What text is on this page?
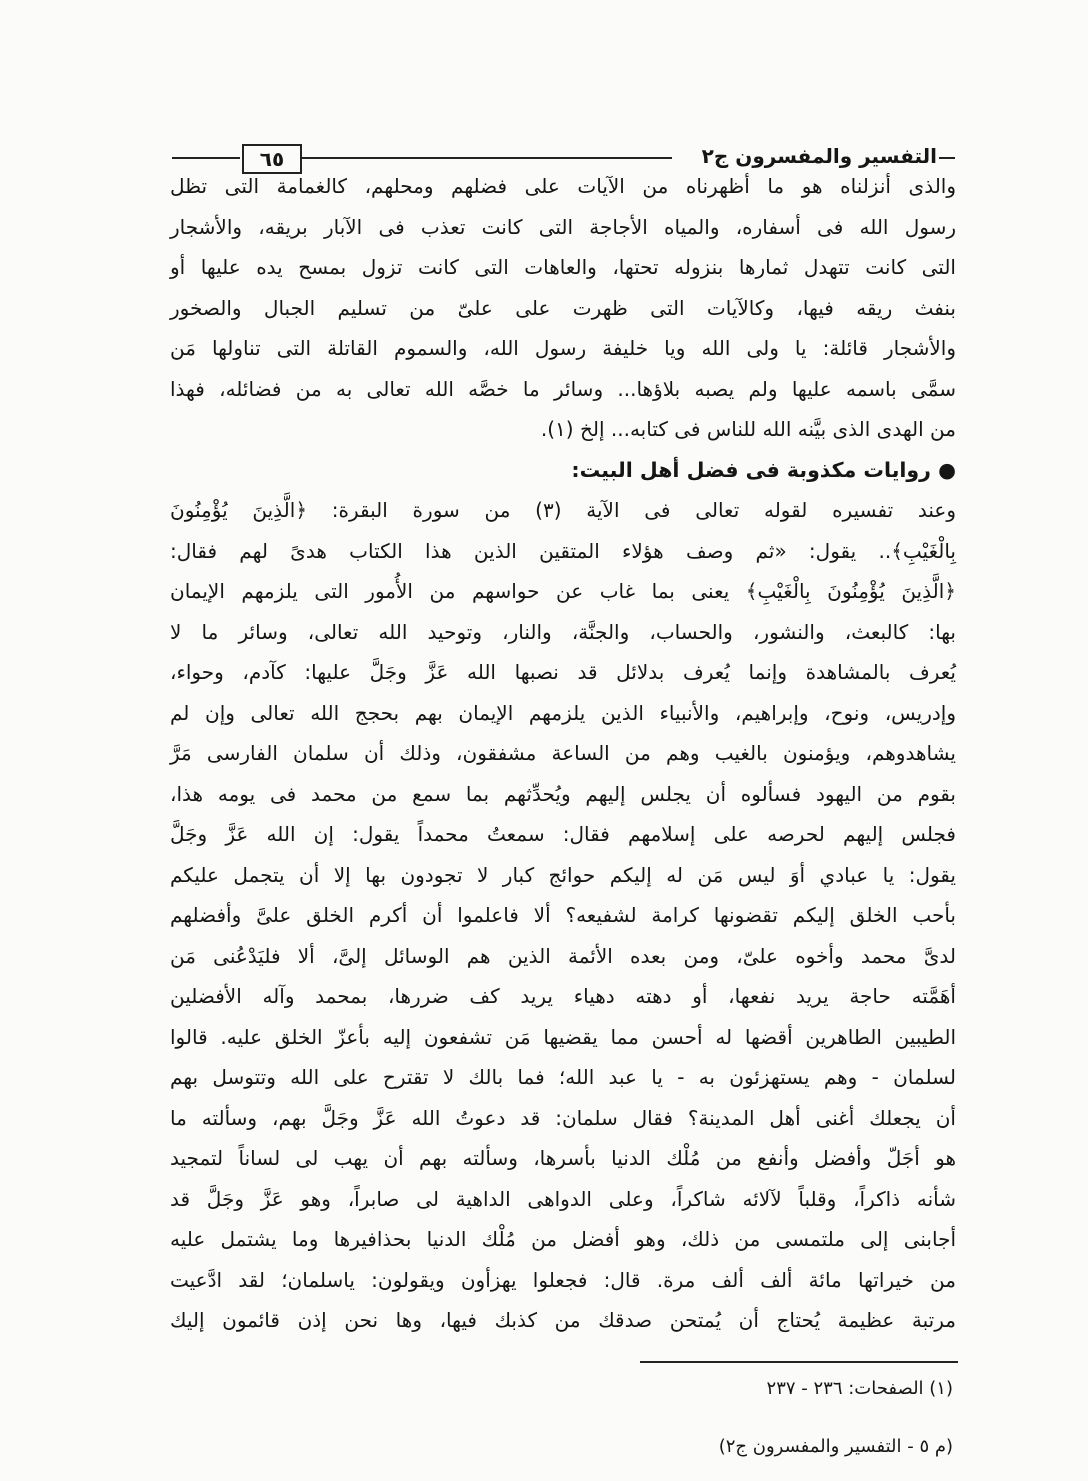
٦٥	التفسير والمفسرون ج٢
والذى أنزلناه هو ما أظهرناه من الآيات على فضلهم ومحلهم، كالغمامة التى تظل
رسول الله فى أسفاره، والمياه الأجاجة التى كانت تعذب فى الآبار بريقه، والأشجار
التى كانت تتهدل ثمارها بنزوله تحتها، والعاهات التى كانت تزول بمسح يده عليها أو
بنفث ريقه فيها، وكالآيات التى ظهرت على علىّ من تسليم الجبال والصخور
والأشجار قائلة: يا ولى الله ويا خليفة رسول الله، والسموم القاتلة التى تناولها مَن
سمَّى باسمه عليها ولم يصبه بلاؤها... وسائر ما خصَّه الله تعالى به من فضائله، فهذا
من الهدى الذى بيَّنه الله للناس فى كتابه... إلخ (١).
● روايات مكذوبة فى فضل أهل البيت:
وعند تفسيره لقوله تعالى فى الآية (٣) من سورة البقرة: ﴿الَّذِينَ يُؤْمِنُونَ
بِالْغَيْبِ﴾.. يقول: «ثم وصف هؤلاء المتقين الذين هذا الكتاب هدىً لهم فقال:
﴿الَّذِينَ يُؤْمِنُونَ بِالْغَيْبِ﴾ يعنى بما غاب عن حواسهم من الأُمور التى يلزمهم الإيمان
بها: كالبعث، والنشور، والحساب، والجنَّة، والنار، وتوحيد الله تعالى، وسائر ما لا
يُعرف بالمشاهدة وإنما يُعرف بدلائل قد نصبها الله عَزَّ وجَلَّ عليها: كآدم، وحواء،
وإدريس، ونوح، وإبراهيم، والأنبياء الذين يلزمهم الإيمان بهم بحجج الله تعالى وإن لم
يشاهدوهم، ويؤمنون بالغيب وهم من الساعة مشفقون، وذلك أن سلمان الفارسى مَرَّ
بقوم من اليهود فسألوه أن يجلس إليهم ويُحدِّثهم بما سمع من محمد فى يومه هذا،
فجلس إليهم لحرصه على إسلامهم فقال: سمعتُ محمداً يقول: إن الله عَزَّ وجَلَّ
يقول: يا عبادي أوَ ليس مَن له إليكم حوائج كبار لا تجودون بها إلا أن يتجمل عليكم
بأحب الخلق إليكم تقضونها كرامة لشفيعه؟ ألا فاعلموا أن أكرم الخلق علىَّ وأفضلهم
لدىَّ محمد وأخوه علىّ، ومن بعده الأئمة الذين هم الوسائل إلىَّ، ألا فليَدْعُنى مَن
أهَمَّته حاجة يريد نفعها، أو دهته دهياء يريد كف ضررها، بمحمد وآله الأفضلين
الطيبين الطاهرين أقضها له أحسن مما يقضيها مَن تشفعون إليه بأعزّ الخلق عليه. قالوا
لسلمان - وهم يستهزئون به - يا عبد الله؛ فما بالك لا تقترح على الله وتتوسل بهم
أن يجعلك أغنى أهل المدينة؟ فقال سلمان: قد دعوتُ الله عَزَّ وجَلَّ بهم، وسألته ما
هو أجَلّ وأفضل وأنفع من مُلْك الدنيا بأسرها، وسألته بهم أن يهب لى لساناً لتمجيد
شأنه ذاكراً، وقلباً لآلائه شاكراً، وعلى الدواهى الداهية لى صابراً، وهو عَزَّ وجَلَّ قد
أجابنى إلى ملتمسى من ذلك، وهو أفضل من مُلْك الدنيا بحذافيرها وما يشتمل عليه
من خيراتها مائة ألف ألف مرة. قال: فجعلوا يهزأون ويقولون: ياسلمان؛ لقد ادَّعيت
مرتبة عظيمة يُحتاج أن يُمتحن صدقك من كذبك فيها، وها نحن إذن قائمون إليك
(١) الصفحات: ٢٣٦ - ٢٣٧
(م ٥ - التفسير والمفسرون ج٢)
